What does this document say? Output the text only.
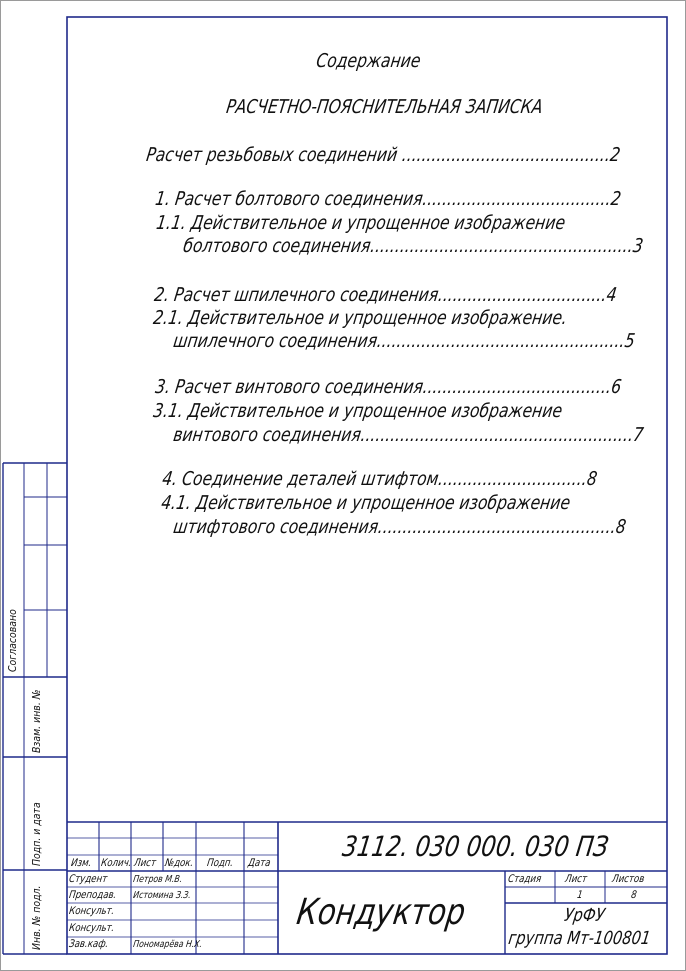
Содержание
РАСЧЕТНО-ПОЯСНИТЕЛЬНАЯ ЗАПИСКА
Расчет резьбовых соединений ..........................................2
1. Расчет болтового соединения......................................2
1.1. Действительное и упрощенное изображение
болтового соединения.....................................................3
2. Расчет шпилечного соединения..................................4
2.1. Действительное и упрощенное изображение.
шпилечного соединения..................................................5
3. Расчет винтового соединения......................................6
3.1. Действительное и упрощенное изображение
винтового соединения.......................................................7
4. Соединение деталей штифтом..............................8
4.1. Действительное и упрощенное изображение
штифтового соединения................................................8
Согласовано
Взам. инв. №
Подп. и дата
Инв. № подл.
Изм. Колич. Лист №док. Подп. Дата
Студент
Преподав.
Консульт.
Консульт.
Зав.каф.
Петров М.В.
Истомина З.З.
Пономарёва Н.Х.
3112. 030 000. 030 ПЗ
Кондуктор
Стадия Лист Листов
1	8
УрФУ
группа Мт-100801
